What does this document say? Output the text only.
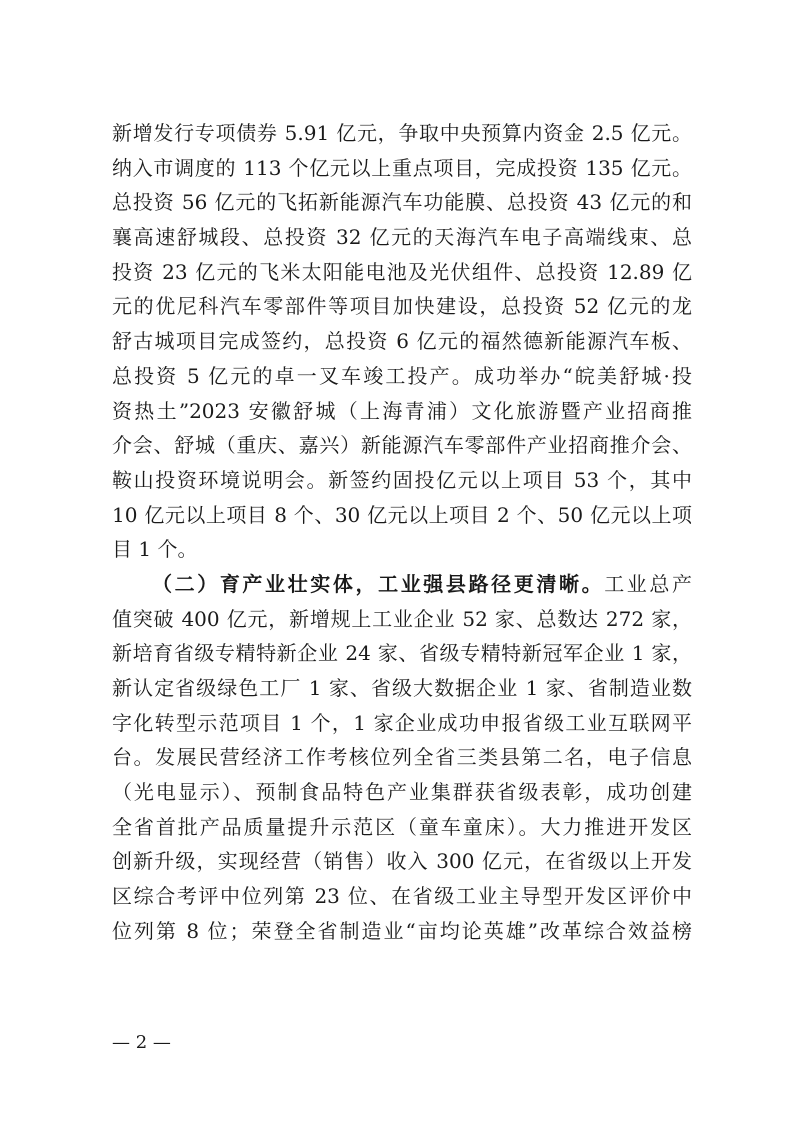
新增发行专项债券 5.91 亿元，争取中央预算内资金 2.5 亿元。
纳入市调度的 113 个亿元以上重点项目，完成投资 135 亿元。
总投资 56 亿元的飞拓新能源汽车功能膜、总投资 43 亿元的和
襄高速舒城段、总投资 32 亿元的天海汽车电子高端线束、总
投资 23 亿元的飞米太阳能电池及光伏组件、总投资 12.89 亿
元的优尼科汽车零部件等项目加快建设，总投资 52 亿元的龙
舒古城项目完成签约，总投资 6 亿元的福然德新能源汽车板、
总投资 5 亿元的卓一叉车竣工投产。成功举办“皖美舒城·投
资热土”2023 安徽舒城（上海青浦）文化旅游暨产业招商推
介会、舒城（重庆、嘉兴）新能源汽车零部件产业招商推介会、
鞍山投资环境说明会。新签约固投亿元以上项目 53 个，其中
10 亿元以上项目 8 个、30 亿元以上项目 2 个、50 亿元以上项
目 1 个。
（二）育产业壮实体，工业强县路径更清晰。工业总产
值突破 400 亿元，新增规上工业企业 52 家、总数达 272 家，
新培育省级专精特新企业 24 家、省级专精特新冠军企业 1 家，
新认定省级绿色工厂 1 家、省级大数据企业 1 家、省制造业数
字化转型示范项目 1 个，1 家企业成功申报省级工业互联网平
台。发展民营经济工作考核位列全省三类县第二名，电子信息
（光电显示）、预制食品特色产业集群获省级表彰，成功创建
全省首批产品质量提升示范区（童车童床）。大力推进开发区
创新升级，实现经营（销售）收入 300 亿元，在省级以上开发
区综合考评中位列第 23 位、在省级工业主导型开发区评价中
位列第 8 位；荣登全省制造业“亩均论英雄”改革综合效益榜
— 2 —
